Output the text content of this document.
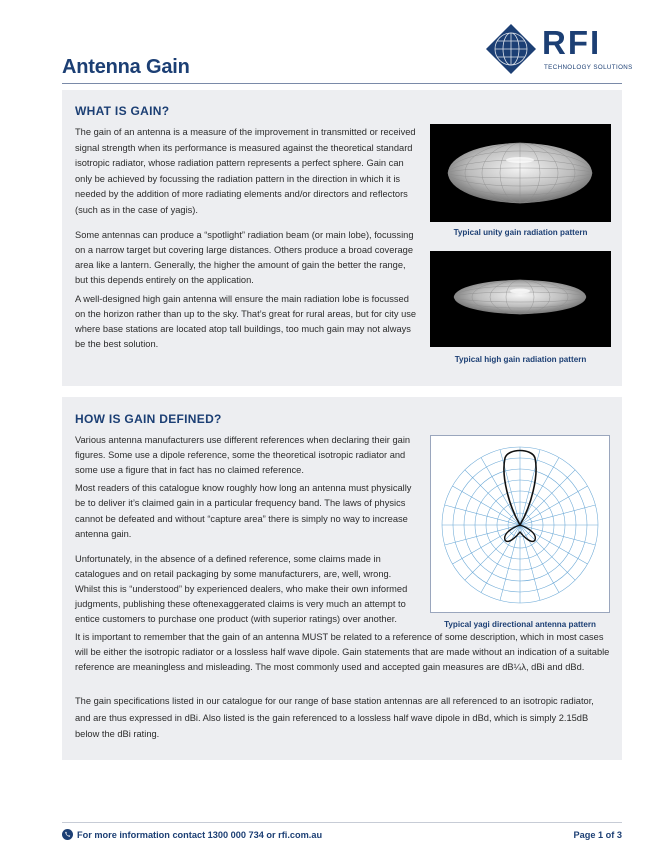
Antenna Gain
RFI
TECHNOLOGY SOLUTIONS
WHAT IS GAIN?

The gain of an antenna is a measure of the improvement in transmitted or received signal strength when its performance is measured against the theoretical standard isotropic radiator, whose radiation pattern represents a perfect sphere. Gain can only be achieved by focussing the radiation pattern in the direction in which it is needed by the addition of more radiating elements and/or directors and reflectors (such as in the case of yagis).

Some antennas can produce a “spotlight” radiation beam (or main lobe), focussing on a narrow target but covering large distances. Others produce a broad coverage area like a lantern. Generally, the higher the amount of gain the better the range, but this depends entirely on the application.

A well-designed high gain antenna will ensure the main radiation lobe is focussed on the horizon rather than up to the sky. That’s great for rural areas, but for city use where base stations are located atop tall buildings, too much gain may not always be the best solution.

Typical unity gain radiation pattern

Typical high gain radiation pattern

HOW IS GAIN DEFINED?

Various antenna manufacturers use different references when declaring their gain figures. Some use a dipole reference, some the theoretical isotropic radiator and some use a figure that in fact has no claimed reference.

Most readers of this catalogue know roughly how long an antenna must physically be to deliver it’s claimed gain in a particular frequency band. The laws of physics cannot be defeated and without “capture area” there is simply no way to increase antenna gain.

Unfortunately, in the absence of a defined reference, some claims made in catalogues and on retail packaging by some manufacturers, are, well, wrong. Whilst this is “understood” by experienced dealers, who make their own informed judgments, publishing these oftenexaggerated claims is very much an attempt to entice customers to purchase one product (with superior ratings) over another.

It is important to remember that the gain of an antenna MUST be related to a reference of some description, which in most cases will be either the isotropic radiator or a lossless half wave dipole. Gain statements that are made without an indication of a suitable reference are meaningless and misleading. The most commonly used and accepted gain measures are dB¼λ, dBi and dBd.

The gain specifications listed in our catalogue for our range of base station antennas are all referenced to an isotropic radiator, and are thus expressed in dBi. Also listed is the gain referenced to a lossless half wave dipole in dBd, which is simply 2.15dB below the dBi rating.

Typical yagi directional antenna pattern

For more information contact 1300 000 734 or rfi.com.au	Page 1 of 3
